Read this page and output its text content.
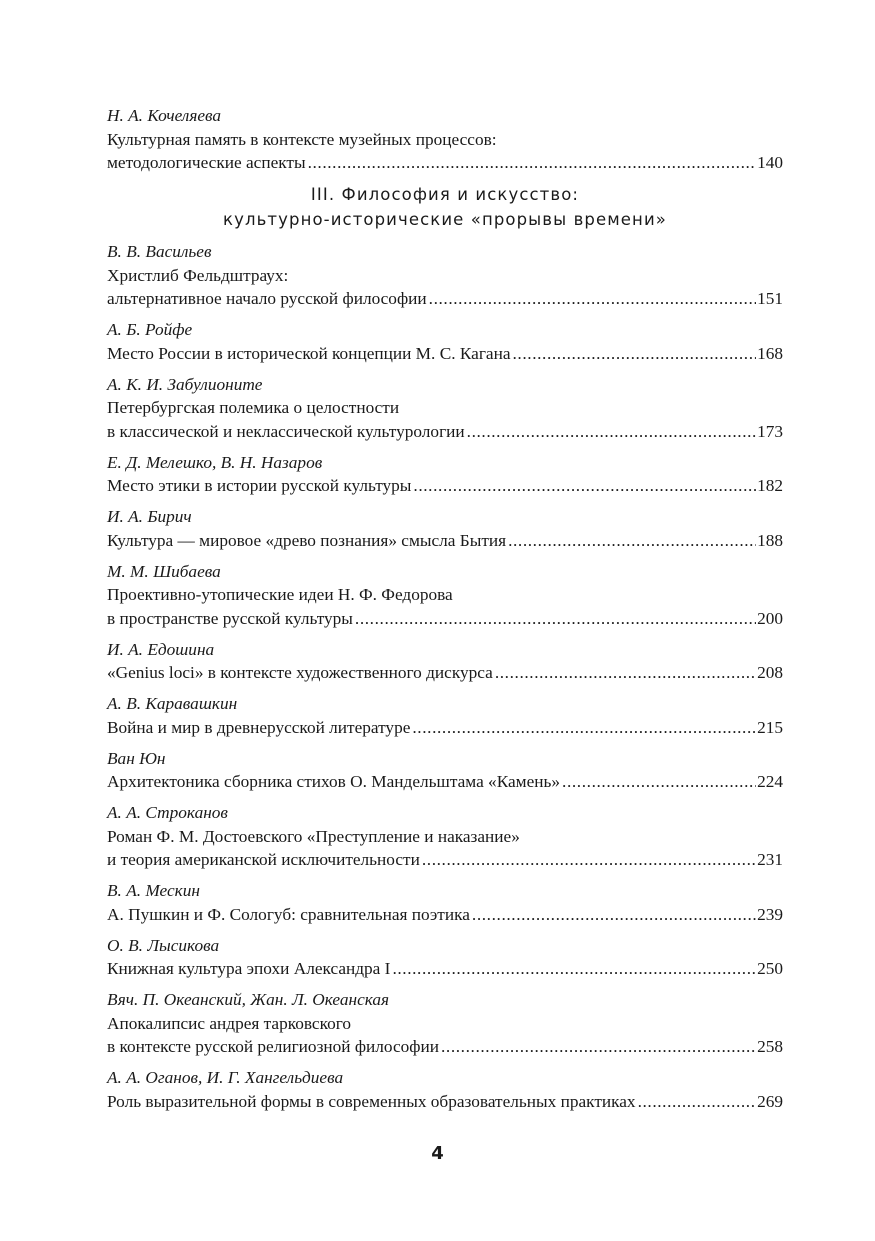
Н. А. Кочеляева
Культурная память в контексте музейных процессов:
методологические аспекты .....	140
III. Философия и искусство:
культурно-исторические «прорывы времени»
В. В. Васильев
Христлиб Фельдштраух:
альтернативное начало русской философии .....	151
А. Б. Ройфе
Место России в исторической концепции М. С. Кагана .....	168
А. К. И. Забулионите
Петербургская полемика о целостности
в классической и неклассической культурологии .....	173
Е. Д. Мелешко, В. Н. Назаров
Место этики в истории русской культуры .....	182
И. А. Бирич
Культура — мировое «древо познания» смысла Бытия .....	188
М. М. Шибаева
Проективно-утопические идеи Н. Ф. Федорова
в пространстве русской культуры .....	200
И. А. Едошина
«Genius loci» в контексте художественного дискурса .....	208
А. В. Каравашкин
Война и мир в древнерусской литературе .....	215
Ван Юн
Архитектоника сборника стихов О. Мандельштама «Камень» .....	224
А. А. Строканов
Роман Ф. М. Достоевского «Преступление и наказание»
и теория американской исключительности .....	231
В. А. Мескин
А. Пушкин и Ф. Сологуб: сравнительная поэтика .....	239
О. В. Лысикова
Книжная культура эпохи Александра I .....	250
Вяч. П. Океанский, Жан. Л. Океанская
Апокалипсис андрея тарковского
в контексте русской религиозной философии .....	258
А. А. Оганов, И. Г. Хангельдиева
Роль выразительной формы в современных образовательных практиках .....	269
4
